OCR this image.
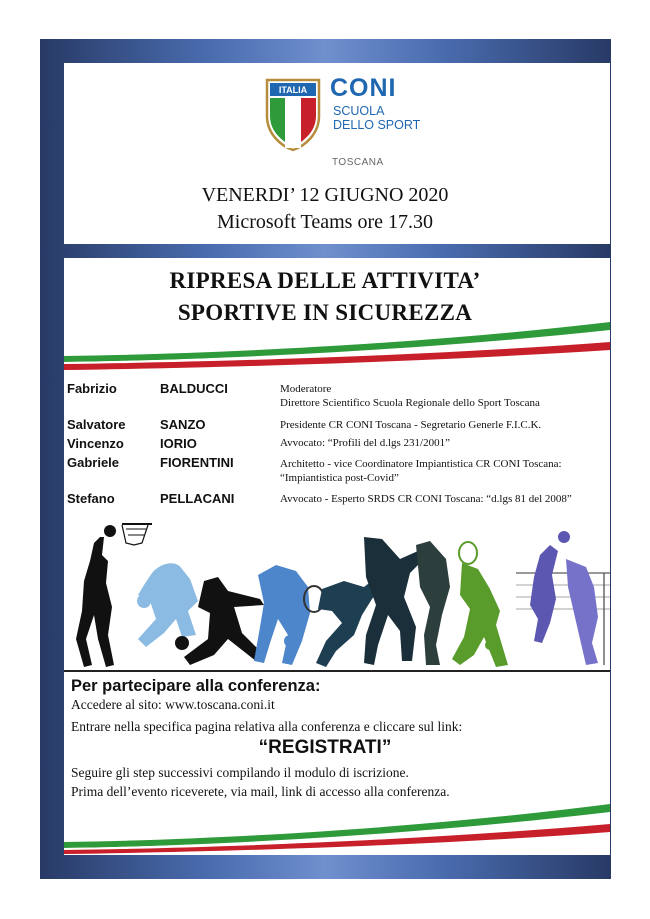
ITALIA CONI
SCUOLA
DELLO SPORT
TOSCANA
VENERDI’ 12 GIUGNO 2020
Microsoft Teams ore 17.30
RIPRESA DELLE ATTIVITA’
SPORTIVE IN SICUREZZA
Fabrizio	BALDUCCI	Moderatore
Direttore Scientifico Scuola Regionale dello Sport Toscana
Salvatore	SANZO	Presidente CR CONI Toscana - Segretario Generle F.I.C.K.
Vincenzo	IORIO	Avvocato: “Profili del d.lgs 231/2001”
Gabriele	FIORENTINI	Architetto - vice Coordinatore Impiantistica CR CONI Toscana:
“Impiantistica post-Covid”
Stefano	PELLACANI	Avvocato - Esperto SRDS CR CONI Toscana: “d.lgs 81 del 2008”
Per partecipare alla conferenza:
Accedere al sito: www.toscana.coni.it
Entrare nella specifica pagina relativa alla conferenza e cliccare sul link:
“REGISTRATI”
Seguire gli step successivi compilando il modulo di iscrizione.
Prima dell’evento riceverete, via mail, link di accesso alla conferenza.
